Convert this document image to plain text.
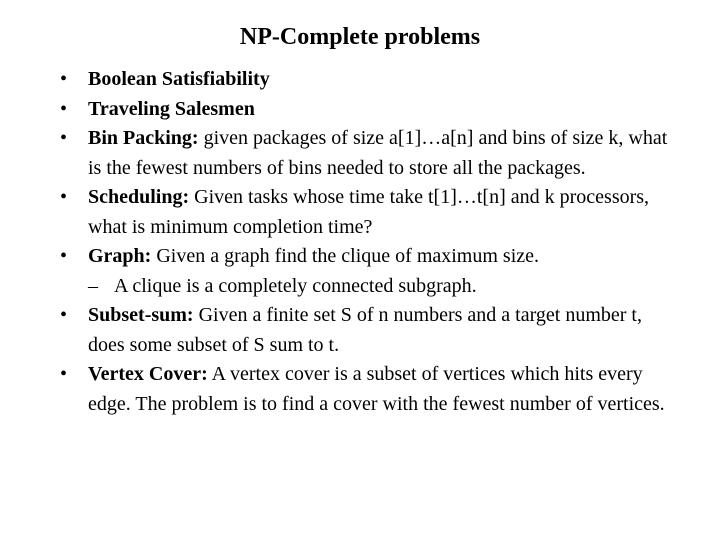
NP-Complete problems
•	Boolean Satisfiability
•	Traveling Salesmen
•	Bin Packing: given packages of size a[1]…a[n] and bins of size k, what is the fewest numbers of bins needed to store all the packages.
•	Scheduling: Given tasks whose time take t[1]…t[n] and k processors, what is minimum completion time?
•	Graph: Given a graph find the clique of maximum size.
– A clique is a completely connected subgraph.
•	Subset-sum: Given a finite set S of n numbers and a target number t, does some subset of S sum to t.
•	Vertex Cover: A vertex cover is a subset of vertices which hits every edge. The problem is to find a cover with the fewest number of vertices.
